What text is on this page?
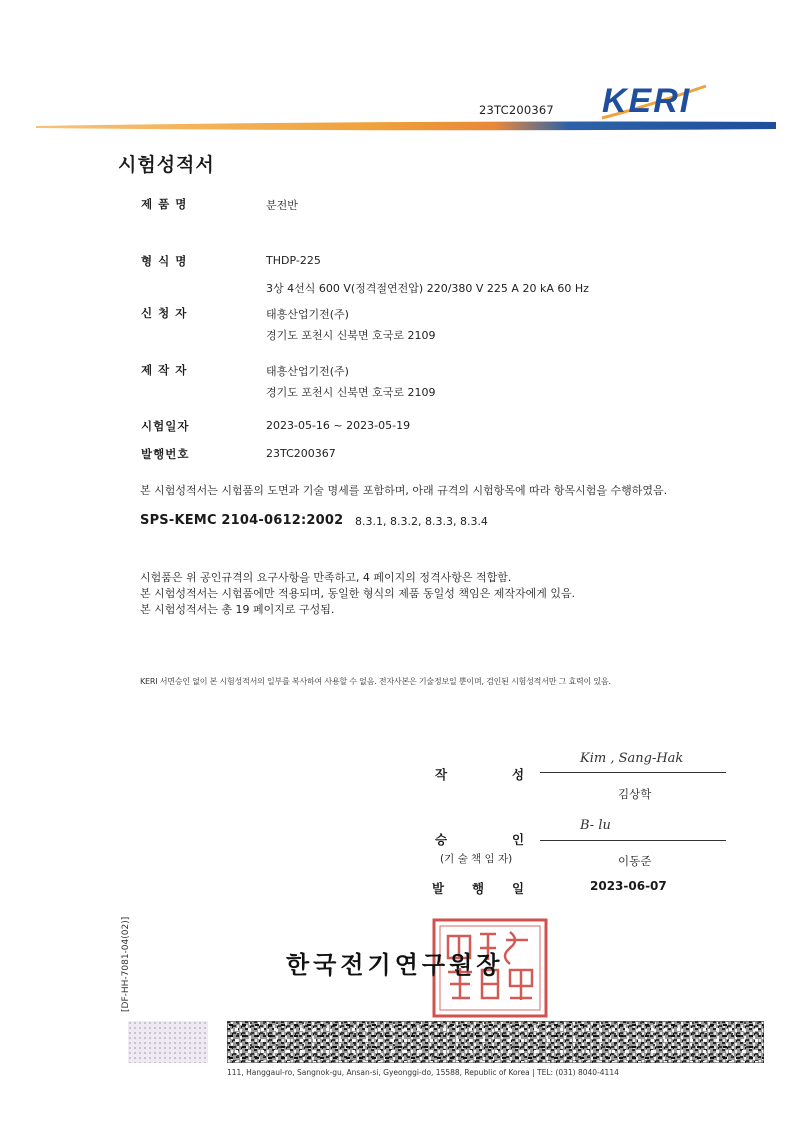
23TC200367 KERI
시험성적서
제 품 명	분전반
형 식 명	THDP-225
3상 4선식 600 V(정격절연전압) 220/380 V 225 A 20 kA 60 Hz
신 청 자	태흥산업기전(주)
경기도 포천시 신북면 호국로 2109
제 작 자	태흥산업기전(주)
경기도 포천시 신북면 호국로 2109
시험일자	2023-05-16 ~ 2023-05-19
발행번호	23TC200367
본 시험성적서는 시험품의 도면과 기술 명세를 포함하며, 아래 규격의 시험항목에 따라 항목시험을 수행하였음.
SPS-KEMC 2104-0612:2002 8.3.1, 8.3.2, 8.3.3, 8.3.4
시험품은 위 공인규격의 요구사항을 만족하고, 4 페이지의 정격사항은 적합함.
본 시험성적서는 시험품에만 적용되며, 동일한 형식의 제품 동일성 책임은 제작자에게 있음.
본 시험성적서는 총 19 페이지로 구성됨.
KERI 서면승인 없이 본 시험성적서의 일부를 복사하여 사용할 수 없음. 전자사본은 기술정보일 뿐이며, 검인된 시험성적서만 그 효력이 있음.
작	성
Kim , Sang-Hak
김상학
승	인
(기 술 책 임 자)
B- lu
이동준
발 행 일	2023-06-07
[DF-HH-7081-04(02)]	한국전기연구원장
111, Hanggaul-ro, Sangnok-gu, Ansan-si, Gyeonggi-do, 15588, Republic of Korea | TEL: (031) 8040-4114
